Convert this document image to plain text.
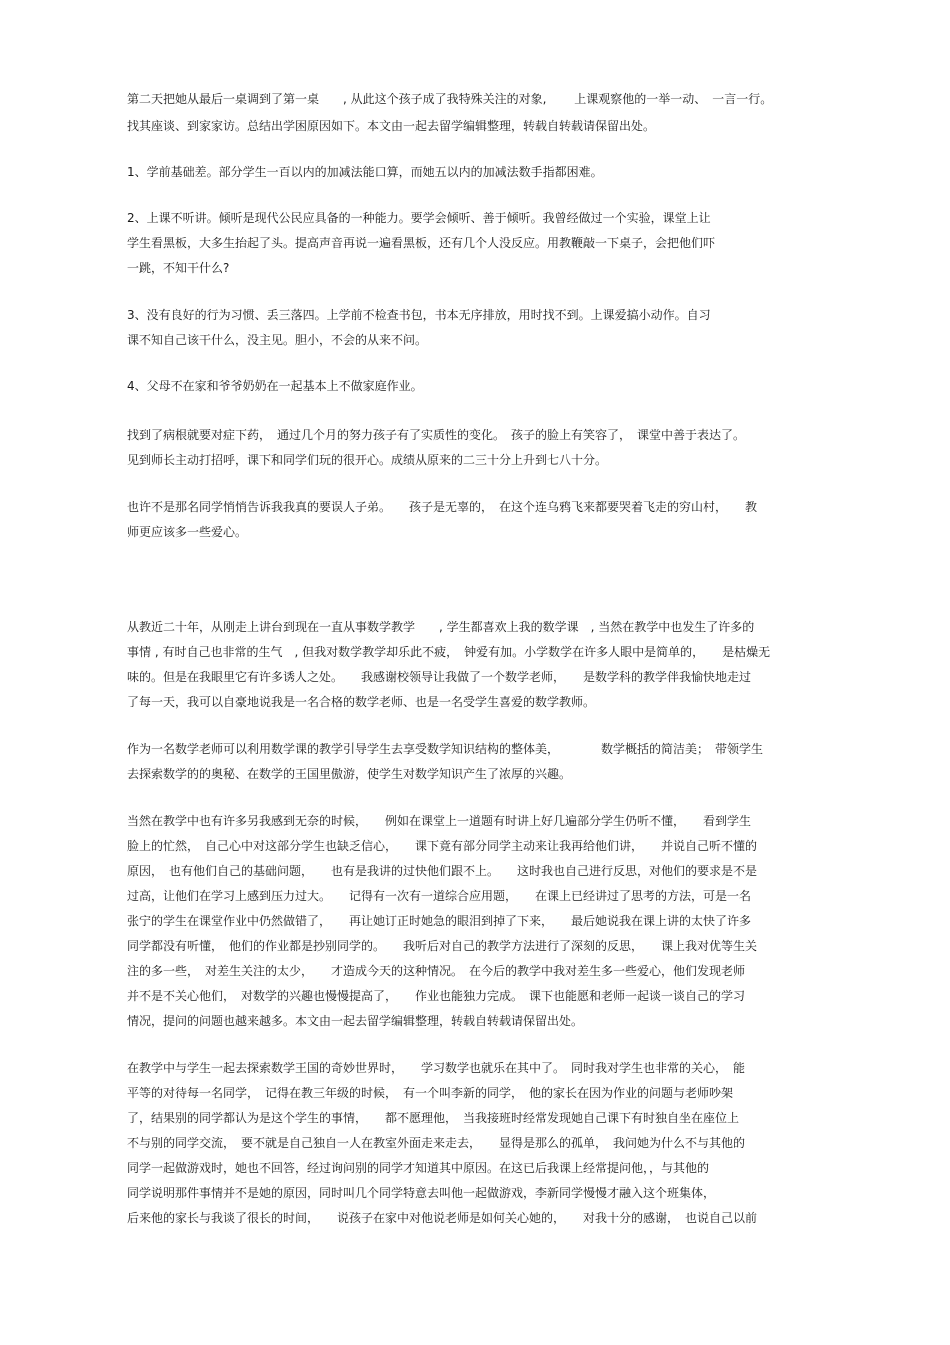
第二天把她从最后一桌调到了第一桌　　, 从此这个孩子成了我特殊关注的对象,　　 上课观察他的一举一动、　一言一行。
找其座谈、到家家访。总结出学困原因如下。本文由一起去留学编辑整理，转载自转载请保留出处。
1、学前基础差。部分学生一百以内的加减法能口算，而她五以内的加减法数手指都困难。
2、上课不听讲。倾听是现代公民应具备的一种能力。要学会倾听、善于倾听。我曾经做过一个实验，课堂上让
学生看黑板，大多生抬起了头。提高声音再说一遍看黑板，还有几个人没反应。用教鞭敲一下桌子，会把他们吓
一跳，不知干什么?
3、没有良好的行为习惯、丢三落四。上学前不检查书包，书本无序排放，用时找不到。上课爱搞小动作。自习
课不知自己该干什么，没主见。胆小，不会的从来不问。
4、父母不在家和爷爷奶奶在一起基本上不做家庭作业。
找到了病根就要对症下药，　通过几个月的努力孩子有了实质性的变化。　孩子的脸上有笑容了，　课堂中善于表达了。
见到师长主动打招呼，课下和同学们玩的很开心。成绩从原来的二三十分上升到七八十分。
也许不是那名同学悄悄告诉我我真的要误人子弟。　　孩子是无辜的，　在这个连乌鸦飞来都要哭着飞走的穷山村，　　教
师更应该多一些爱心。
从教近二十年，从刚走上讲台到现在一直从事数学教学　　, 学生都喜欢上我的数学课　, 当然在教学中也发生了许多的
事情 , 有时自己也非常的生气　, 但我对数学教学却乐此不疲，　钟爱有加。小学数学在许多人眼中是简单的，　　是枯燥无
味的。但是在我眼里它有许多诱人之处。　　我感谢校领导让我做了一个数学老师，　　是数学科的教学伴我愉快地走过
了每一天，我可以自豪地说我是一名合格的数学老师、也是一名受学生喜爱的数学教师。
作为一名数学老师可以利用数学课的教学引导学生去享受数学知识结构的整体美，　　　　数学概括的简洁美；　带领学生
去探索数学的的奥秘、在数学的王国里傲游，使学生对数学知识产生了浓厚的兴趣。
当然在教学中也有许多另我感到无奈的时候，　　例如在课堂上一道题有时讲上好几遍部分学生仍听不懂，　　看到学生
脸上的忙然，　自己心中对这部分学生也缺乏信心，　　课下竟有部分同学主动来让我再给他们讲，　　并说自己听不懂的
原因，　也有他们自己的基础问题，　　也有是我讲的过快他们跟不上。　　这时我也自己进行反思，对他们的要求是不是
过高，让他们在学习上感到压力过大。　　记得有一次有一道综合应用题，　　在课上已经讲过了思考的方法，可是一名
张宁的学生在课堂作业中仍然做错了，　　再让她订正时她急的眼泪到掉了下来，　　最后她说我在课上讲的太快了许多
同学都没有听懂，　他们的作业都是抄别同学的。　　我听后对自己的教学方法进行了深刻的反思，　　课上我对优等生关
注的多一些，　对差生关注的太少，　　才造成今天的这种情况。　在今后的教学中我对差生多一些爱心，他们发现老师
并不是不关心他们，　对数学的兴趣也慢慢提高了，　　作业也能独力完成。　课下也能愿和老师一起谈一谈自己的学习
情况，提问的问题也越来越多。本文由一起去留学编辑整理，转载自转载请保留出处。
在教学中与学生一起去探索数学王国的奇妙世界时，　　学习数学也就乐在其中了。　同时我对学生也非常的关心，　能
平等的对待每一名同学，　记得在教三年级的时候，　有一个叫李新的同学，　他的家长在因为作业的问题与老师吵架
了，结果别的同学都认为是这个学生的事情，　　都不愿理他，　当我接班时经常发现她自己课下有时独自坐在座位上
不与别的同学交流，　要不就是自己独自一人在教室外面走来走去，　　显得是那么的孤单，　我问她为什么不与其他的
同学一起做游戏时，她也不回答，经过询问别的同学才知道其中原因。在这已后我课上经常提问他，，与其他的
同学说明那件事情并不是她的原因，同时叫几个同学特意去叫他一起做游戏，李新同学慢慢才融入这个班集体，
后来他的家长与我谈了很长的时间，　　说孩子在家中对他说老师是如何关心她的，　　对我十分的感谢，　也说自己以前
